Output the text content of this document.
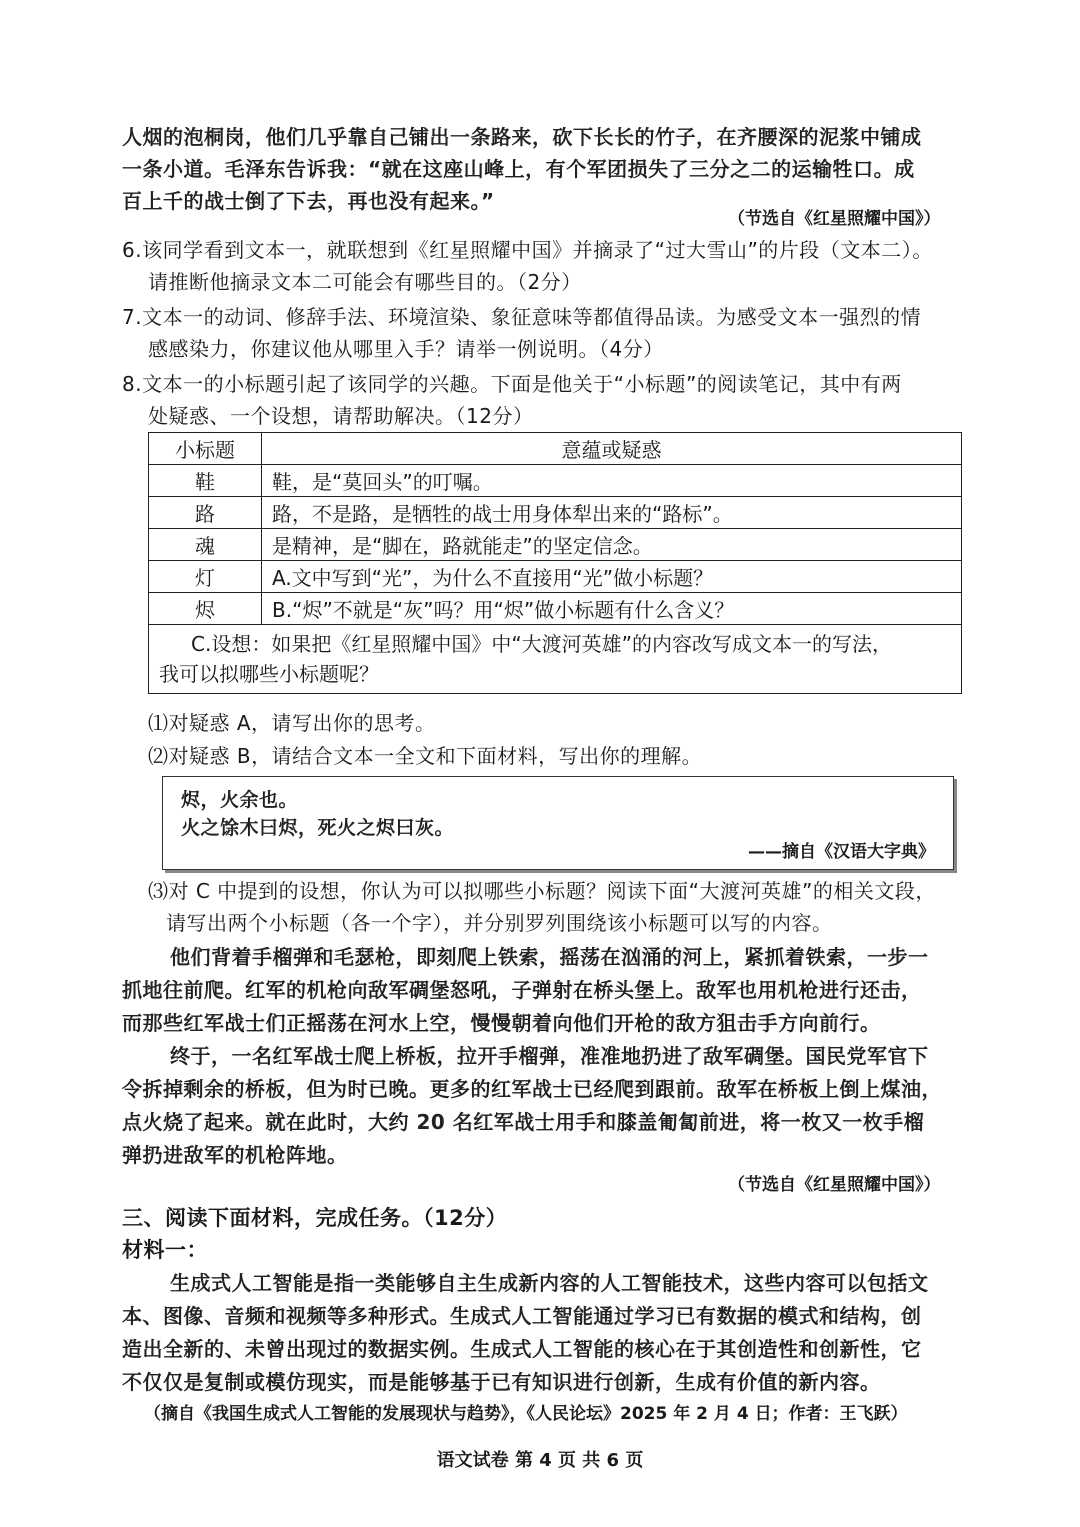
人烟的泡桐岗，他们几乎靠自己铺出一条路来，砍下长长的竹子，在齐腰深的泥浆中铺成
一条小道。毛泽东告诉我：“就在这座山峰上，有个军团损失了三分之二的运输牲口。成
百上千的战士倒了下去，再也没有起来。”
（节选自《红星照耀中国》）
6.该同学看到文本一，就联想到《红星照耀中国》并摘录了“过大雪山”的片段（文本二）。
请推断他摘录文本二可能会有哪些目的。（2分）
7.文本一的动词、修辞手法、环境渲染、象征意味等都值得品读。为感受文本一强烈的情
感感染力，你建议他从哪里入手？请举一例说明。（4分）
8.文本一的小标题引起了该同学的兴趣。下面是他关于“小标题”的阅读笔记，其中有两
处疑惑、一个设想，请帮助解决。（12分）
小标题	意蕴或疑惑
鞋	鞋，是“莫回头”的叮嘱。
路	路，不是路，是牺牲的战士用身体犁出来的“路标”。
魂	是精神，是“脚在，路就能走”的坚定信念。
灯	A.文中写到“光”，为什么不直接用“光”做小标题？
烬	B.“烬”不就是“灰”吗？用“烬”做小标题有什么含义？

C.设想：如果把《红星照耀中国》中“大渡河英雄”的内容改写成文本一的写法，
我可以拟哪些小标题呢？	
⑴对疑惑 A，请写出你的思考。
⑵对疑惑 B，请结合文本一全文和下面材料，写出你的理解。
烬，火余也。
火之馀木曰烬，死火之烬曰灰。
——摘自《汉语大字典》
⑶对 C 中提到的设想，你认为可以拟哪些小标题？阅读下面“大渡河英雄”的相关文段，
请写出两个小标题（各一个字），并分别罗列围绕该小标题可以写的内容。
他们背着手榴弹和毛瑟枪，即刻爬上铁索，摇荡在汹涌的河上，紧抓着铁索，一步一
抓地往前爬。红军的机枪向敌军碉堡怒吼，子弹射在桥头堡上。敌军也用机枪进行还击，
而那些红军战士们正摇荡在河水上空，慢慢朝着向他们开枪的敌方狙击手方向前行。
终于，一名红军战士爬上桥板，拉开手榴弹，准准地扔进了敌军碉堡。国民党军官下
令拆掉剩余的桥板，但为时已晚。更多的红军战士已经爬到跟前。敌军在桥板上倒上煤油，
点火烧了起来。就在此时，大约 20 名红军战士用手和膝盖匍匐前进，将一枚又一枚手榴
弹扔进敌军的机枪阵地。
（节选自《红星照耀中国》）
三、阅读下面材料，完成任务。（12分）
材料一：
生成式人工智能是指一类能够自主生成新内容的人工智能技术，这些内容可以包括文
本、图像、音频和视频等多种形式。生成式人工智能通过学习已有数据的模式和结构，创
造出全新的、未曾出现过的数据实例。生成式人工智能的核心在于其创造性和创新性，它
不仅仅是复制或模仿现实，而是能够基于已有知识进行创新，生成有价值的新内容。
（摘自《我国生成式人工智能的发展现状与趋势》，《人民论坛》2025 年 2 月 4 日；作者：王飞跃）
语文试卷 第 4 页 共 6 页
